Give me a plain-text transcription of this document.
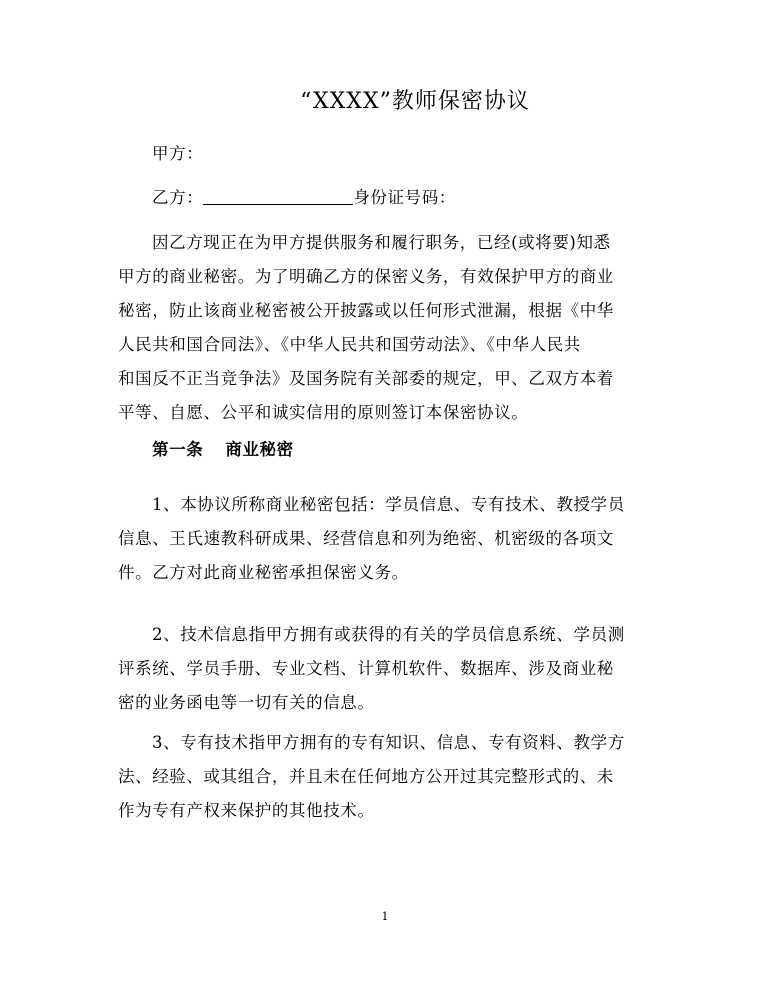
“XXXX”教师保密协议
甲方：
乙方：	身份证号码：
因乙方现正在为甲方提供服务和履行职务，已经(或将要)知悉
甲方的商业秘密。为了明确乙方的保密义务，有效保护甲方的商业
秘密，防止该商业秘密被公开披露或以任何形式泄漏，根据《中华
人民共和国合同法》、《中华人民共和国劳动法》、《中华人民共
和国反不正当竞争法》及国务院有关部委的规定，甲、乙双方本着
平等、自愿、公平和诚实信用的原则签订本保密协议。
第一条 商业秘密
1、本协议所称商业秘密包括：学员信息、专有技术、教授学员
信息、王氏速教科研成果、经营信息和列为绝密、机密级的各项文
件。乙方对此商业秘密承担保密义务。
2、技术信息指甲方拥有或获得的有关的学员信息系统、学员测
评系统、学员手册、专业文档、计算机软件、数据库、涉及商业秘
密的业务函电等一切有关的信息。
3、专有技术指甲方拥有的专有知识、信息、专有资料、教学方
法、经验、或其组合，并且未在任何地方公开过其完整形式的、未
作为专有产权来保护的其他技术。
1
